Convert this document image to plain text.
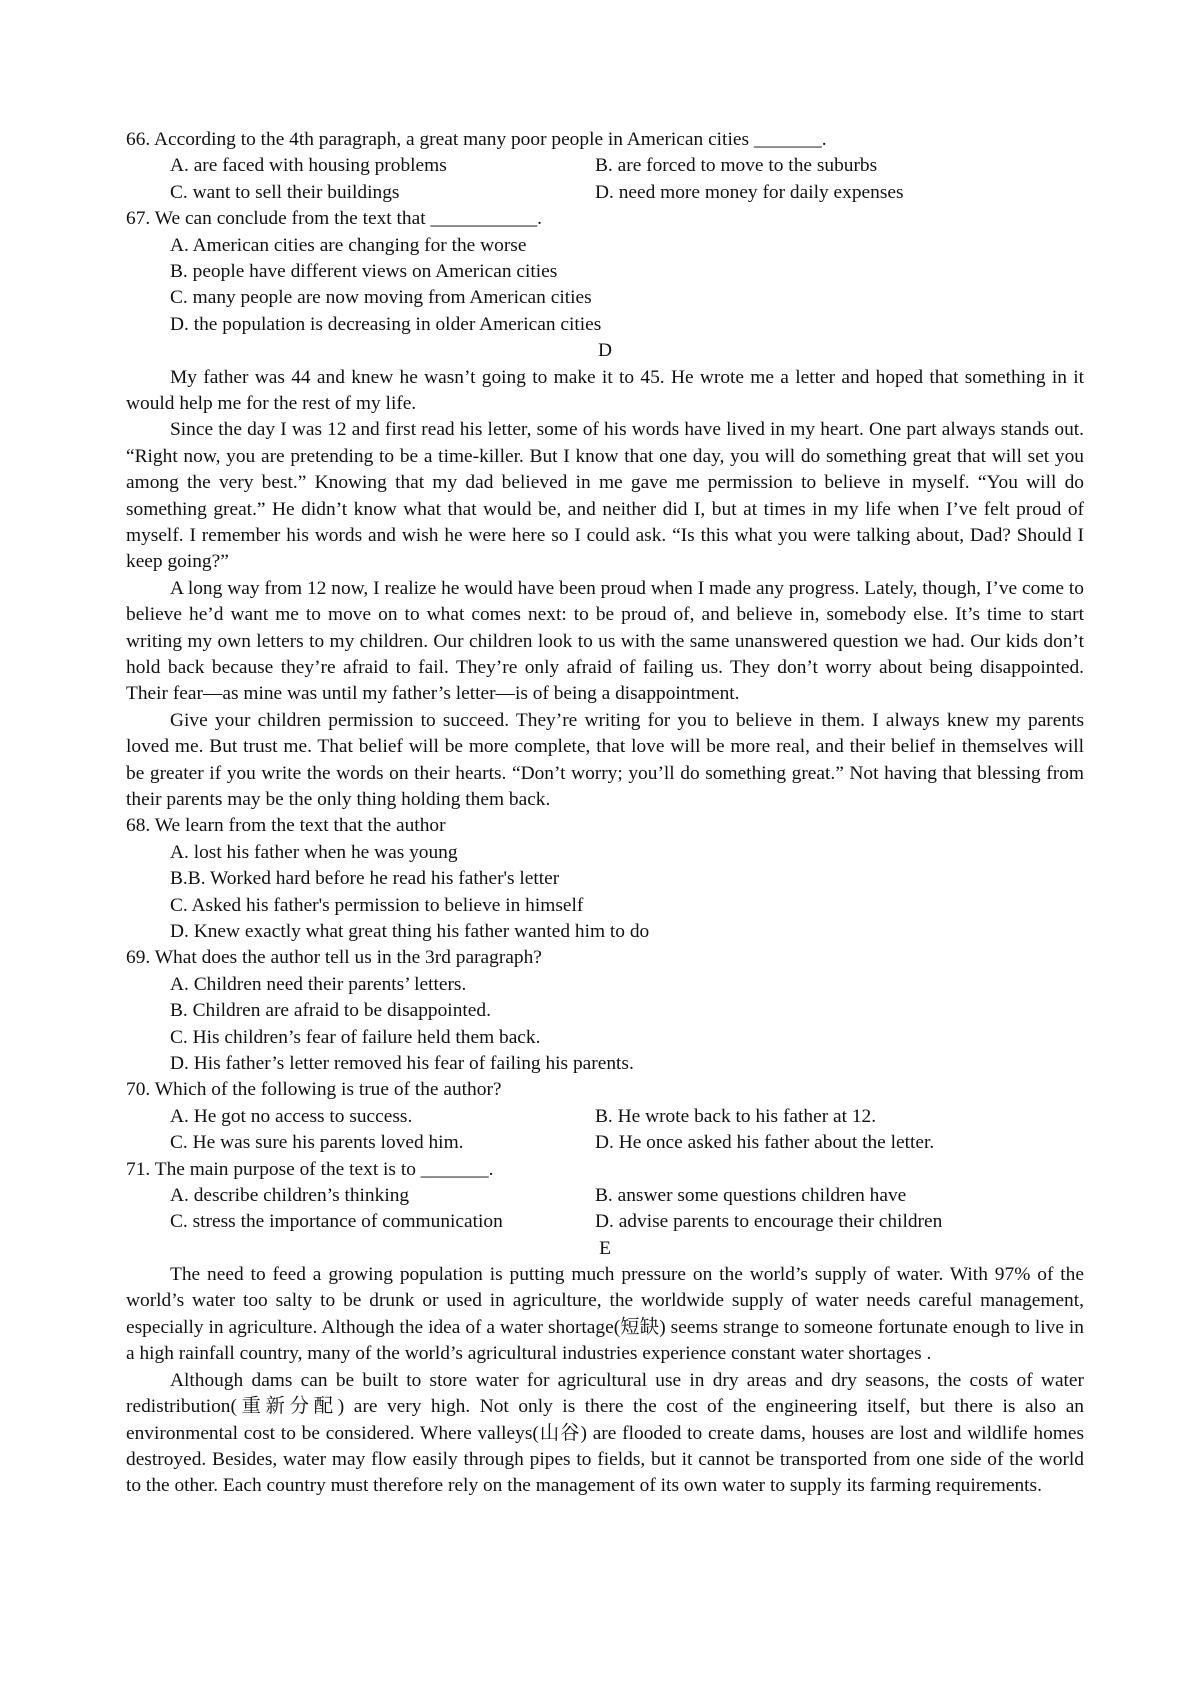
66. According to the 4th paragraph, a great many poor people in American cities _______.
A. are faced with housing problems	B. are forced to move to the suburbs
C. want to sell their buildings	D. need more money for daily expenses
67. We can conclude from the text that ___________.
A. American cities are changing for the worse
B. people have different views on American cities
C. many people are now moving from American cities
D. the population is decreasing in older American cities
D

My father was 44 and knew he wasn’t going to make it to 45. He wrote me a letter and hoped that something in it would help me for the rest of my life.

Since the day I was 12 and first read his letter, some of his words have lived in my heart. One part always stands out. “Right now, you are pretending to be a time-killer. But I know that one day, you will do something great that will set you among the very best.” Knowing that my dad believed in me gave me permission to believe in myself. “You will do something great.” He didn’t know what that would be, and neither did I, but at times in my life when I’ve felt proud of myself. I remember his words and wish he were here so I could ask. “Is this what you were talking about, Dad? Should I keep going?”

A long way from 12 now, I realize he would have been proud when I made any progress. Lately, though, I’ve come to believe he’d want me to move on to what comes next: to be proud of, and believe in, somebody else. It’s time to start writing my own letters to my children. Our children look to us with the same unanswered question we had. Our kids don’t hold back because they’re afraid to fail. They’re only afraid of failing us. They don’t worry about being disappointed. Their fear—as mine was until my father’s letter—is of being a disappointment.

Give your children permission to succeed. They’re writing for you to believe in them. I always knew my parents loved me. But trust me. That belief will be more complete, that love will be more real, and their belief in themselves will be greater if you write the words on their hearts. “Don’t worry; you’ll do something great.” Not having that blessing from their parents may be the only thing holding them back.

68. We learn from the text that the author
A. lost his father when he was young
B.B. Worked hard before he read his father's letter
C. Asked his father's permission to believe in himself
D. Knew exactly what great thing his father wanted him to do
69. What does the author tell us in the 3rd paragraph?
A. Children need their parents’ letters.
B. Children are afraid to be disappointed.
C. His children’s fear of failure held them back.
D. His father’s letter removed his fear of failing his parents.
70. Which of the following is true of the author?
A. He got no access to success.	B. He wrote back to his father at 12.
C. He was sure his parents loved him.	D. He once asked his father about the letter.
71. The main purpose of the text is to _______.
A. describe children’s thinking	B. answer some questions children have
C. stress the importance of communication	D. advise parents to encourage their children
E

The need to feed a growing population is putting much pressure on the world’s supply of water. With 97% of the world’s water too salty to be drunk or used in agriculture, the worldwide supply of water needs careful management, especially in agriculture. Although the idea of a water shortage(短缺) seems strange to someone fortunate enough to live in a high rainfall country, many of the world’s agricultural industries experience constant water shortages .

Although dams can be built to store water for agricultural use in dry areas and dry seasons, the costs of water redistribution(重新分配) are very high. Not only is there the cost of the engineering itself, but there is also an environmental cost to be considered. Where valleys(山谷) are flooded to create dams, houses are lost and wildlife homes destroyed. Besides, water may flow easily through pipes to fields, but it cannot be transported from one side of the world to the other. Each country must therefore rely on the management of its own water to supply its farming requirements.
